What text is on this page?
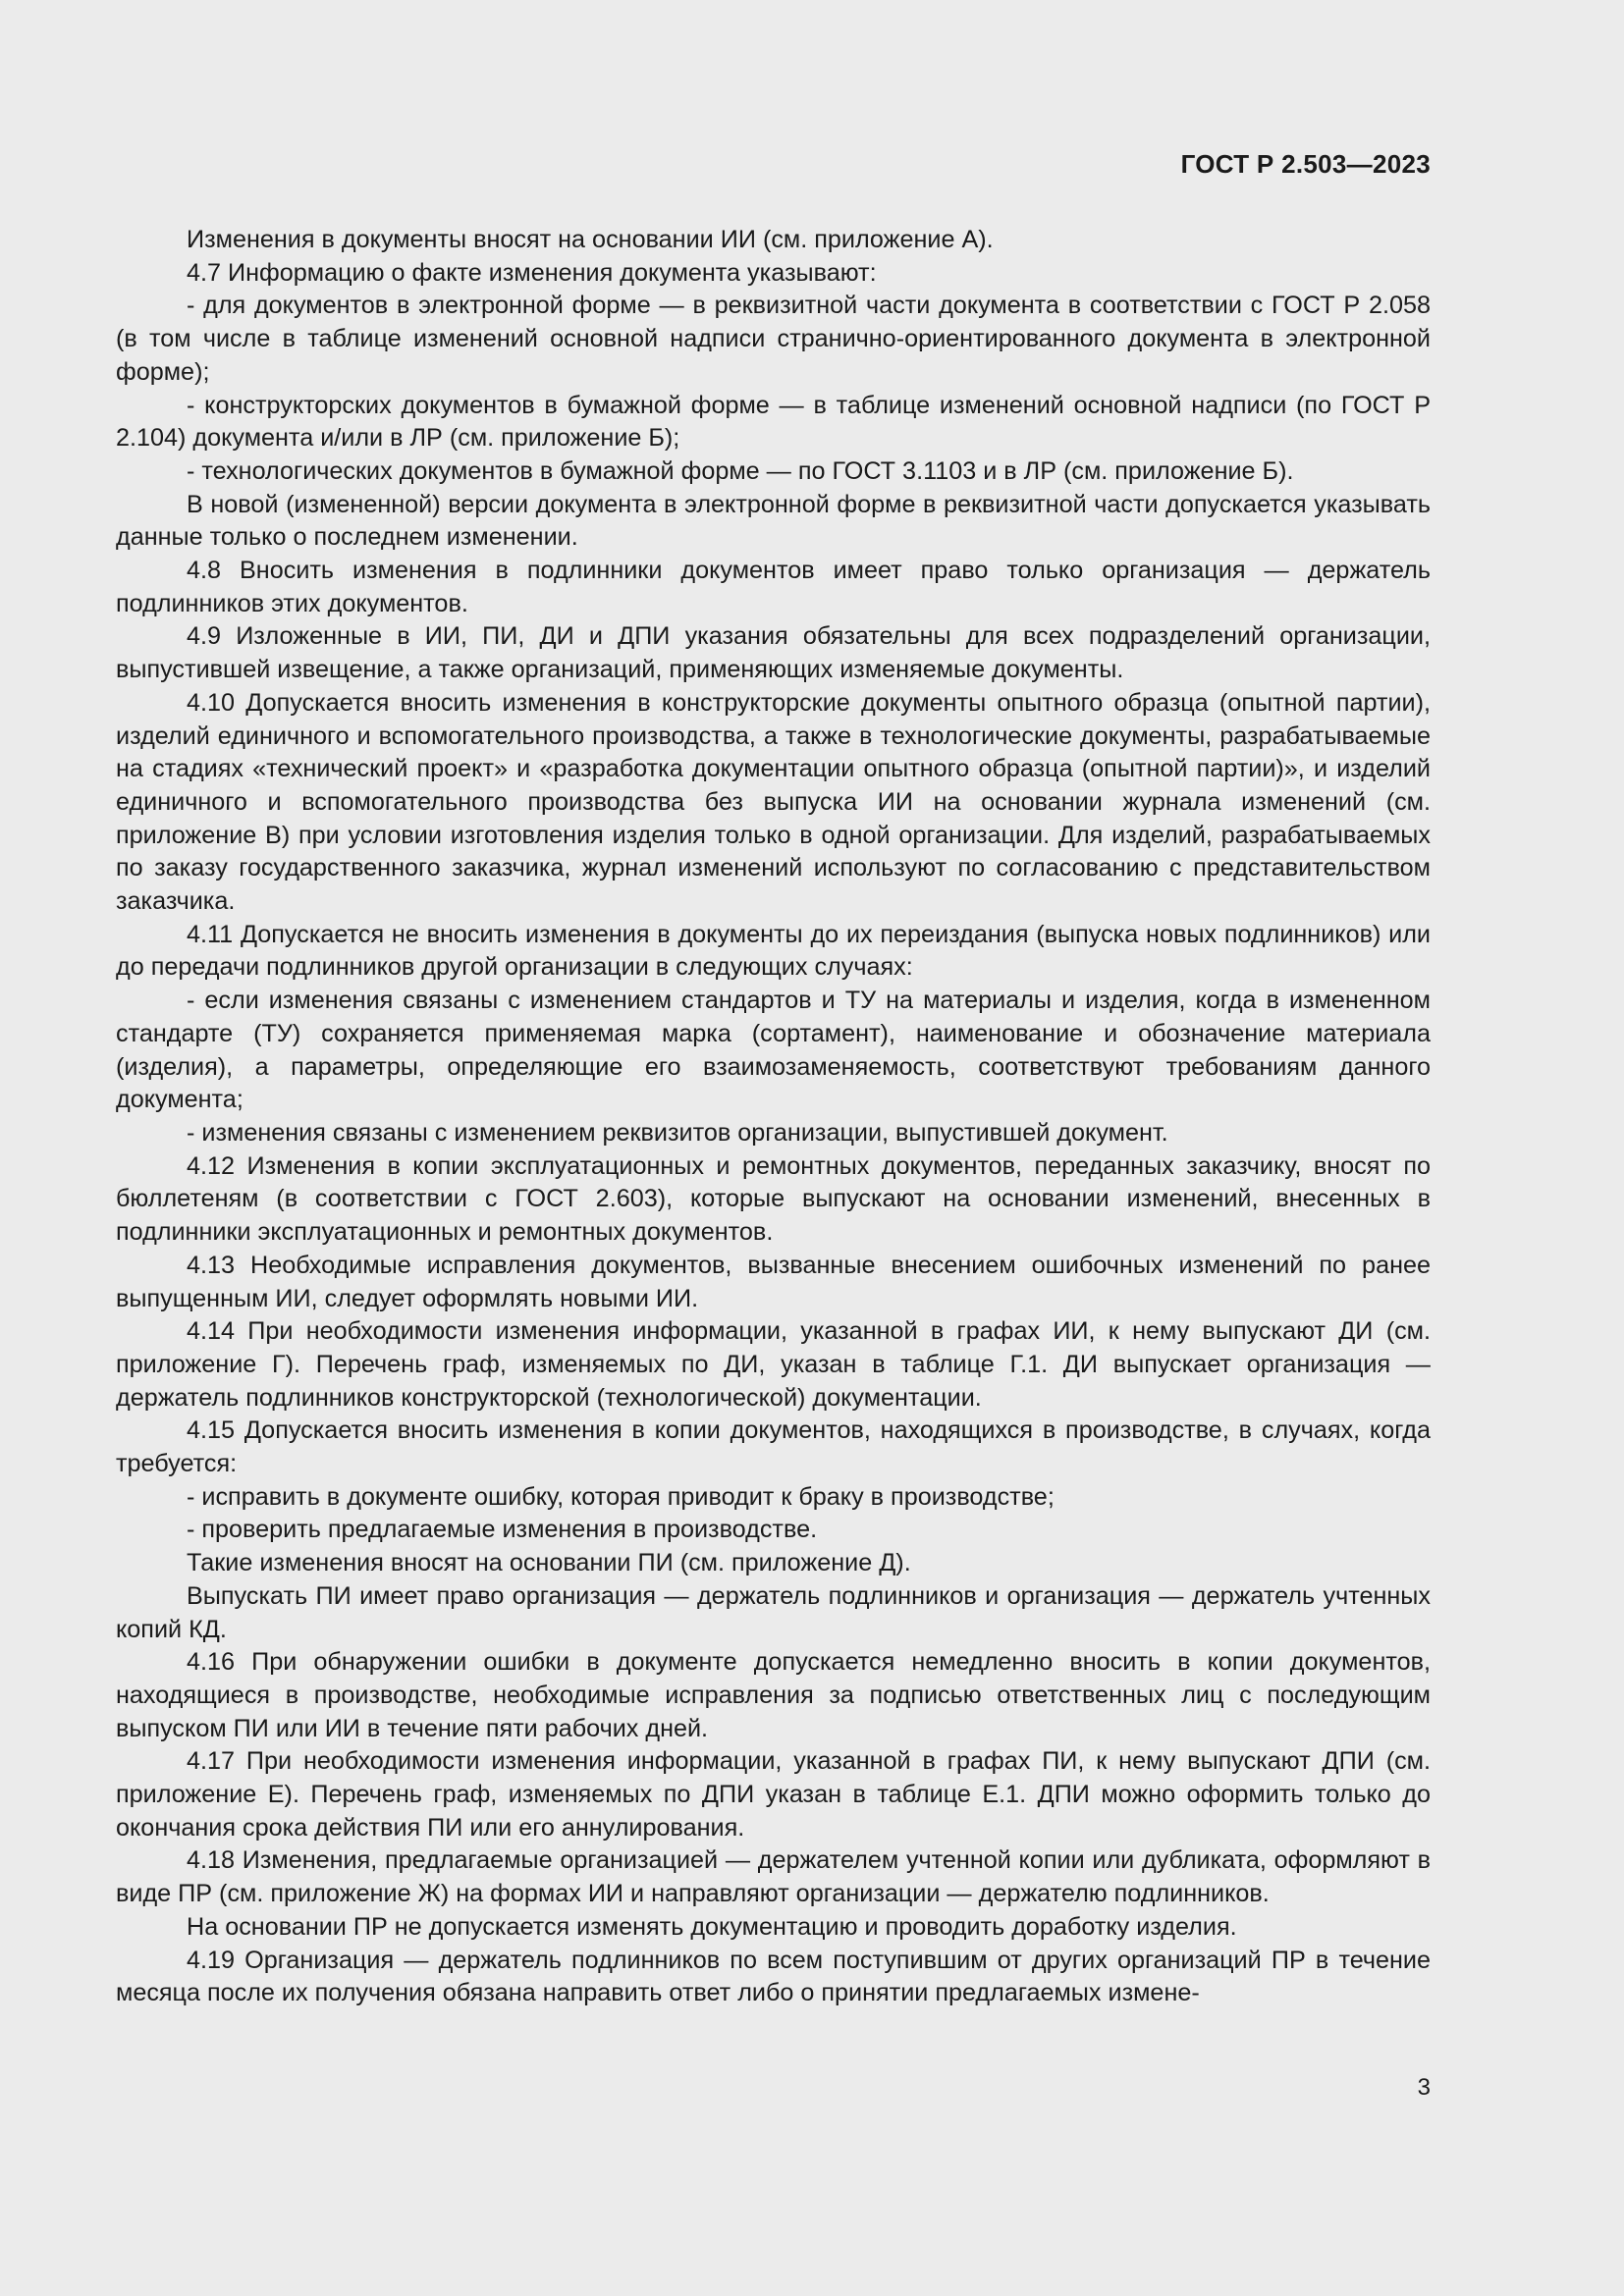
ГОСТ Р 2.503—2023

Изменения в документы вносят на основании ИИ (см. приложение А).

4.7 Информацию о факте изменения документа указывают:

- для документов в электронной форме — в реквизитной части документа в соответствии с ГОСТ Р 2.058 (в том числе в таблице изменений основной надписи странично-ориентированного документа в электронной форме);

- конструкторских документов в бумажной форме — в таблице изменений основной надписи (по ГОСТ Р 2.104) документа и/или в ЛР (см. приложение Б);

- технологических документов в бумажной форме — по ГОСТ 3.1103 и в ЛР (см. приложение Б).

В новой (измененной) версии документа в электронной форме в реквизитной части допускается указывать данные только о последнем изменении.

4.8 Вносить изменения в подлинники документов имеет право только организация — держатель подлинников этих документов.

4.9 Изложенные в ИИ, ПИ, ДИ и ДПИ указания обязательны для всех подразделений организации, выпустившей извещение, а также организаций, применяющих изменяемые документы.

4.10 Допускается вносить изменения в конструкторские документы опытного образца (опытной партии), изделий единичного и вспомогательного производства, а также в технологические документы, разрабатываемые на стадиях «технический проект» и «разработка документации опытного образца (опытной партии)», и изделий единичного и вспомогательного производства без выпуска ИИ на основании журнала изменений (см. приложение В) при условии изготовления изделия только в одной организации. Для изделий, разрабатываемых по заказу государственного заказчика, журнал изменений используют по согласованию с представительством заказчика.

4.11 Допускается не вносить изменения в документы до их переиздания (выпуска новых подлинников) или до передачи подлинников другой организации в следующих случаях:

- если изменения связаны с изменением стандартов и ТУ на материалы и изделия, когда в измененном стандарте (ТУ) сохраняется применяемая марка (сортамент), наименование и обозначение материала (изделия), а параметры, определяющие его взаимозаменяемость, соответствуют требованиям данного документа;

- изменения связаны с изменением реквизитов организации, выпустившей документ.

4.12 Изменения в копии эксплуатационных и ремонтных документов, переданных заказчику, вносят по бюллетеням (в соответствии с ГОСТ 2.603), которые выпускают на основании изменений, внесенных в подлинники эксплуатационных и ремонтных документов.

4.13 Необходимые исправления документов, вызванные внесением ошибочных изменений по ранее выпущенным ИИ, следует оформлять новыми ИИ.

4.14 При необходимости изменения информации, указанной в графах ИИ, к нему выпускают ДИ (см. приложение Г). Перечень граф, изменяемых по ДИ, указан в таблице Г.1. ДИ выпускает организация — держатель подлинников конструкторской (технологической) документации.

4.15 Допускается вносить изменения в копии документов, находящихся в производстве, в случаях, когда требуется:

- исправить в документе ошибку, которая приводит к браку в производстве;

- проверить предлагаемые изменения в производстве.

Такие изменения вносят на основании ПИ (см. приложение Д).

Выпускать ПИ имеет право организация — держатель подлинников и организация — держатель учтенных копий КД.

4.16 При обнаружении ошибки в документе допускается немедленно вносить в копии документов, находящиеся в производстве, необходимые исправления за подписью ответственных лиц с последующим выпуском ПИ или ИИ в течение пяти рабочих дней.

4.17 При необходимости изменения информации, указанной в графах ПИ, к нему выпускают ДПИ (см. приложение Е). Перечень граф, изменяемых по ДПИ указан в таблице Е.1. ДПИ можно оформить только до окончания срока действия ПИ или его аннулирования.

4.18 Изменения, предлагаемые организацией — держателем учтенной копии или дубликата, оформляют в виде ПР (см. приложение Ж) на формах ИИ и направляют организации — держателю подлинников.

На основании ПР не допускается изменять документацию и проводить доработку изделия.

4.19 Организация — держатель подлинников по всем поступившим от других организаций ПР в течение месяца после их получения обязана направить ответ либо о принятии предлагаемых измене-

3
